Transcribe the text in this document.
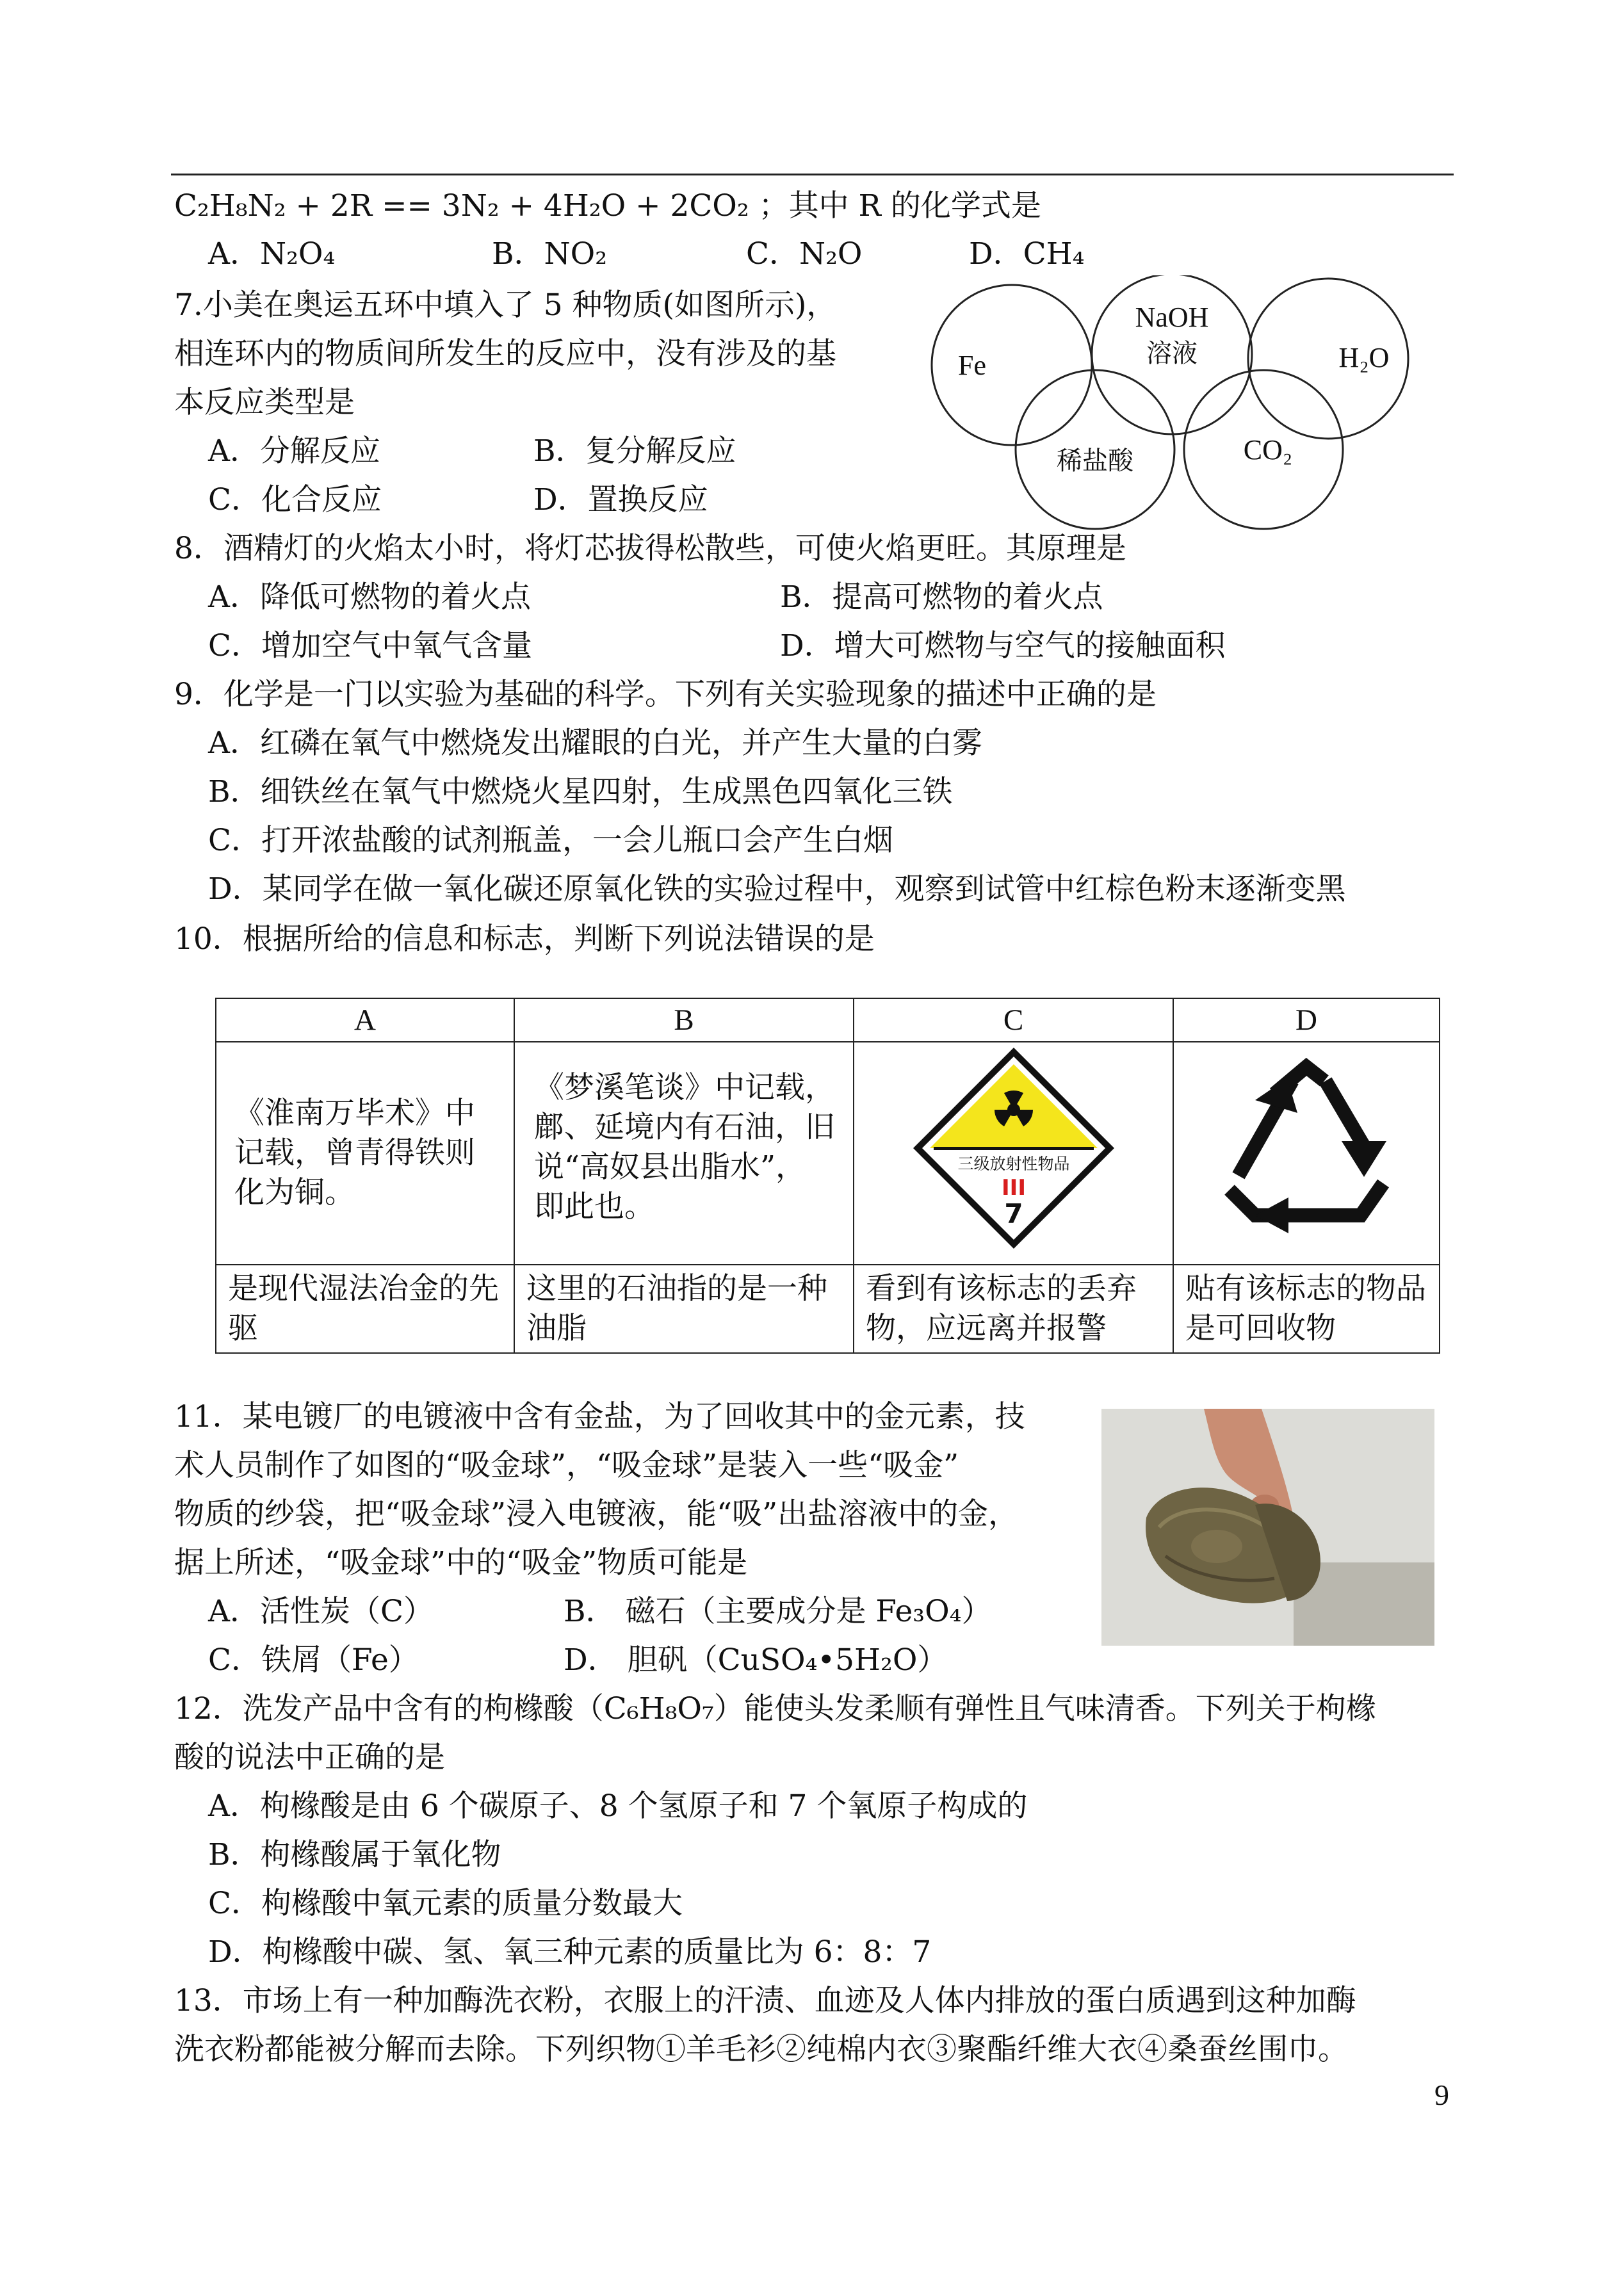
C₂H₈N₂ + 2R == 3N₂ + 4H₂O + 2CO₂ ；其中 R 的化学式是
A．N₂O₄	B．NO₂	C．N₂O	D．CH₄
7.小美在奥运五环中填入了 5 种物质(如图所示)，
相连环内的物质间所发生的反应中，没有涉及的基
本反应类型是
A．分解反应	B．复分解反应
C．化合反应	D．置换反应
Fe
NaOH
溶液	H₂O
稀盐酸	CO₂
8．酒精灯的火焰太小时，将灯芯拔得松散些，可使火焰更旺。其原理是
A．降低可燃物的着火点	B．提高可燃物的着火点
C．增加空气中氧气含量	D．增大可燃物与空气的接触面积
9．化学是一门以实验为基础的科学。下列有关实验现象的描述中正确的是
A．红磷在氧气中燃烧发出耀眼的白光，并产生大量的白雾
B．细铁丝在氧气中燃烧火星四射，生成黑色四氧化三铁
C．打开浓盐酸的试剂瓶盖，一会儿瓶口会产生白烟
D．某同学在做一氧化碳还原氧化铁的实验过程中，观察到试管中红棕色粉末逐渐变黑
10．根据所给的信息和标志，判断下列说法错误的是
A	B	C	D

《淮南万毕术》中记载，曾青得铁则化为铜。	《梦溪笔谈》中记载，鄜、延境内有石油，旧说“高奴县出脂水”，即此也。	三级放射性物品
III
7

是现代湿法冶金的先驱	这里的石油指的是一种油脂	看到有该标志的丢弃物，应远离并报警	贴有该标志的物品是可回收物
11．某电镀厂的电镀液中含有金盐，为了回收其中的金元素，技
术人员制作了如图的“吸金球”，“吸金球”是装入一些“吸金”
物质的纱袋，把“吸金球”浸入电镀液，能“吸”出盐溶液中的金，
据上所述，“吸金球”中的“吸金”物质可能是
A．活性炭（C）	B． 磁石（主要成分是 Fe₃O₄）
C．铁屑（Fe）	D． 胆矾（CuSO₄•5H₂O）
12．洗发产品中含有的枸橼酸（C₆H₈O₇）能使头发柔顺有弹性且气味清香。下列关于枸橼
酸的说法中正确的是
A．枸橼酸是由 6 个碳原子、8 个氢原子和 7 个氧原子构成的
B．枸橼酸属于氧化物
C．枸橼酸中氧元素的质量分数最大
D．枸橼酸中碳、氢、氧三种元素的质量比为 6：8：7
13．市场上有一种加酶洗衣粉，衣服上的汗渍、血迹及人体内排放的蛋白质遇到这种加酶
洗衣粉都能被分解而去除。下列织物①羊毛衫②纯棉内衣③聚酯纤维大衣④桑蚕丝围巾。
9
